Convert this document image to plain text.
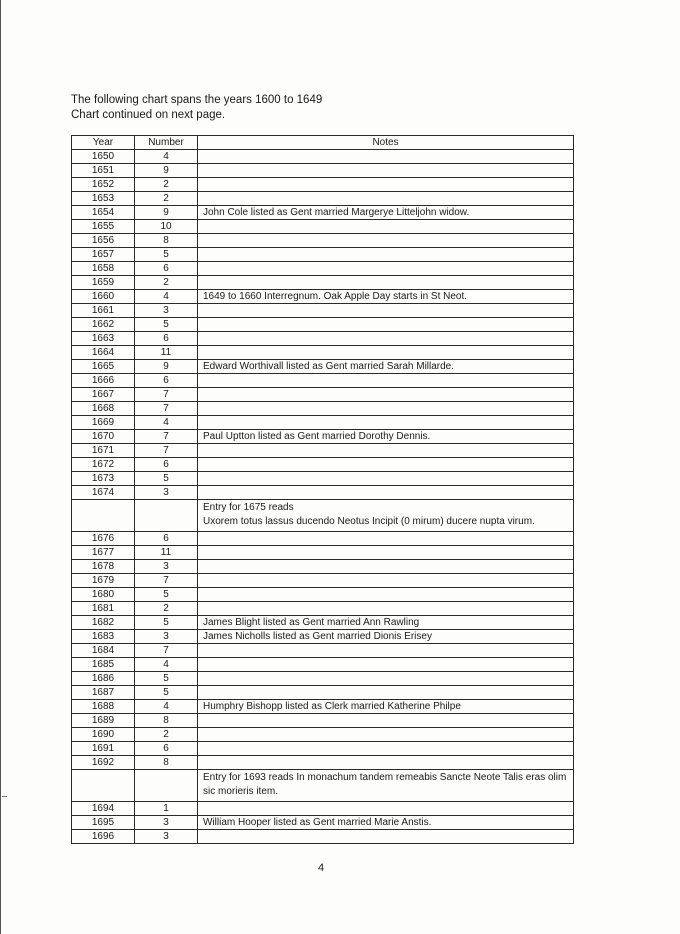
The following chart spans the years 1600 to 1649
Chart continued on next page.
Year	Number	Notes
1650	4	
1651	9	
1652	2	
1653	2	
1654	9	John Cole listed as Gent married Margerye Litteljohn widow.
1655	10	
1656	8	
1657	5	
1658	6	
1659	2	
1660	4	1649 to 1660 Interregnum. Oak Apple Day starts in St Neot.
1661	3	
1662	5	
1663	6	
1664	11	
1665	9	Edward Worthivall listed as Gent married Sarah Millarde.
1666	6	
1667	7	
1668	7	
1669	4	
1670	7	Paul Uptton listed as Gent married Dorothy Dennis.
1671	7	
1672	6	
1673	5	
1674	3	
		Entry for 1675 reads
Uxorem totus lassus ducendo Neotus Incipit (0 mirum) ducere nupta virum.
1676	6	
1677	11	
1678	3	
1679	7	
1680	5	
1681	2	
1682	5	James Blight listed as Gent married Ann Rawling
1683	3	James Nicholls listed as Gent married Dionis Erisey
1684	7	
1685	4	
1686	5	
1687	5	
1688	4	Humphry Bishopp listed as Clerk married Katherine Philpe
1689	8	
1690	2	
1691	6	
1692	8	
		Entry for 1693 reads In monachum tandem remeabis Sancte Neote Talis eras olim sic morieris item.
1694	1	
1695	3	William Hooper listed as Gent married Marie Anstis.
1696	3	
4
